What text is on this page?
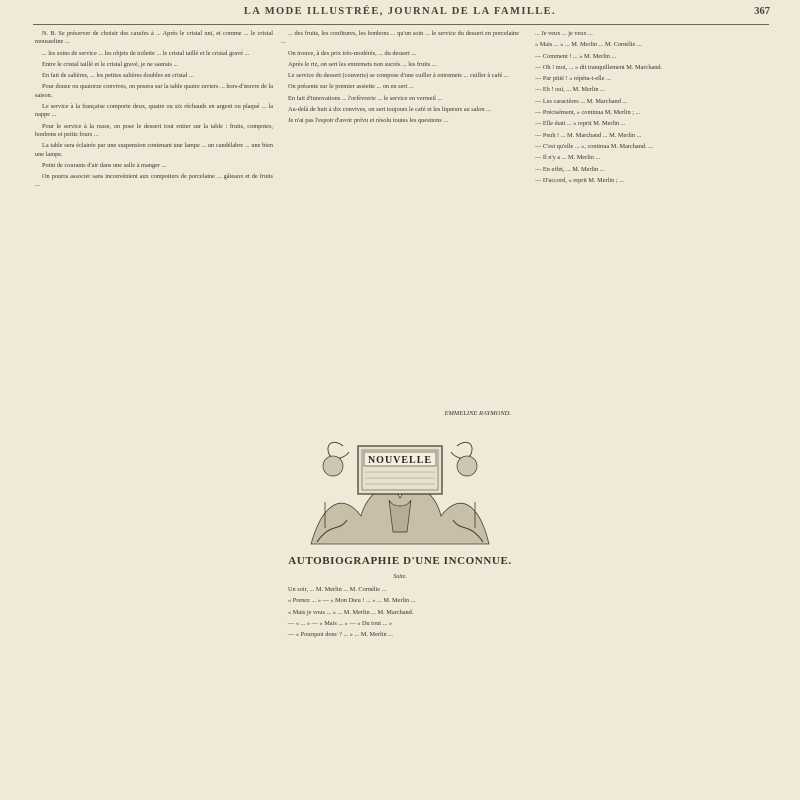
LA MODE ILLUSTRÉE, JOURNAL DE LA FAMILLE.	367

N. B. Se préserver de choisir des carafes à ... Après le cristal uni, et comme ... le cristal mousseline ...

... les soins de service ... les objets de toilette ... le cristal taillé et le cristal gravé ...

Entre le cristal taillé et le cristal gravé, je ne saurais ...

En fait de salières, ... les petites salières doubles en cristal ...

Pour douze ou quatorze convives, on posera sur la table quatre raviers ... hors-d'œuvre de la saison.

Le service à la française comporte deux, quatre ou six réchauds en argent ou plaqué ... la nappe ...

Pour le service à la russe, on pose le dessert tout entier sur la table : fruits, compotes, bonbons et petits fours ...

La table sera éclairée par une suspension contenant une lampe ... un candélabre ... une bien une lampe.

Point de courants d'air dans une salle à manger ...

On pourra associer sans inconvénient aux compotiers de porcelaine ... gâteaux et de fruits ...

... des fruits, les confitures, les bonbons ... qu'un soin ... le service du dessert en porcelaine ...

On trouve, à des prix très-modérés, ... du dessert ...

Après le riz, on sert les entremets non sucrés ... les fruits ...

Le service du dessert (couverts) se compose d'une cuiller à entremets ... cuiller à café ...

On présente sur le premier assiette ... on en sert ...

En fait d'innovations ... l'orfèvrerie ... le service en vermeil ...

Au-delà de huit à dix convives, on sert toujours le café et les liqueurs au salon ...

Je n'ai pas l'espoir d'avoir prévu et résolu toutes les questions ...

EMMELINE RAYMOND.
NOUVELLE
AUTOBIOGRAPHIE D'UNE INCONNUE.
Suite.

Un soir, ... M. Merlin ... M. Cornélie ...

« Prenez ... » — « Mon Dieu ! ... » ... M. Merlin ...

« Mais je vous ... » ... M. Merlin ... M. Marchand.

— « ... » — « Mais ... » — « Du tout ... »

— « Pourquoi donc ? ... » ... M. Merlin ...

... Je veux ... je veux ...

« Mais ... » ... M. Merlin ... M. Cornélie ...

— Comment ! ... » M. Merlin ...

— Oh ! moi, ... » dit tranquillement M. Marchand.

— Par pitié ! » répéta-t-elle ...

— Eh ! oui, ... M. Merlin ...

— Les caractères ... M. Marchand ...

— Précisément, » continua M. Merlin ; ...

— Elle était ... » reprit M. Merlin ...

— Peuh ! ... M. Marchand ... M. Merlin ...

— C'est qu'elle ... », continua M. Marchand. ...

— Il n'y a ... M. Merlin ...

— En effet, ... M. Merlin ...

— D'accord, » reprit M. Merlin ; ...
